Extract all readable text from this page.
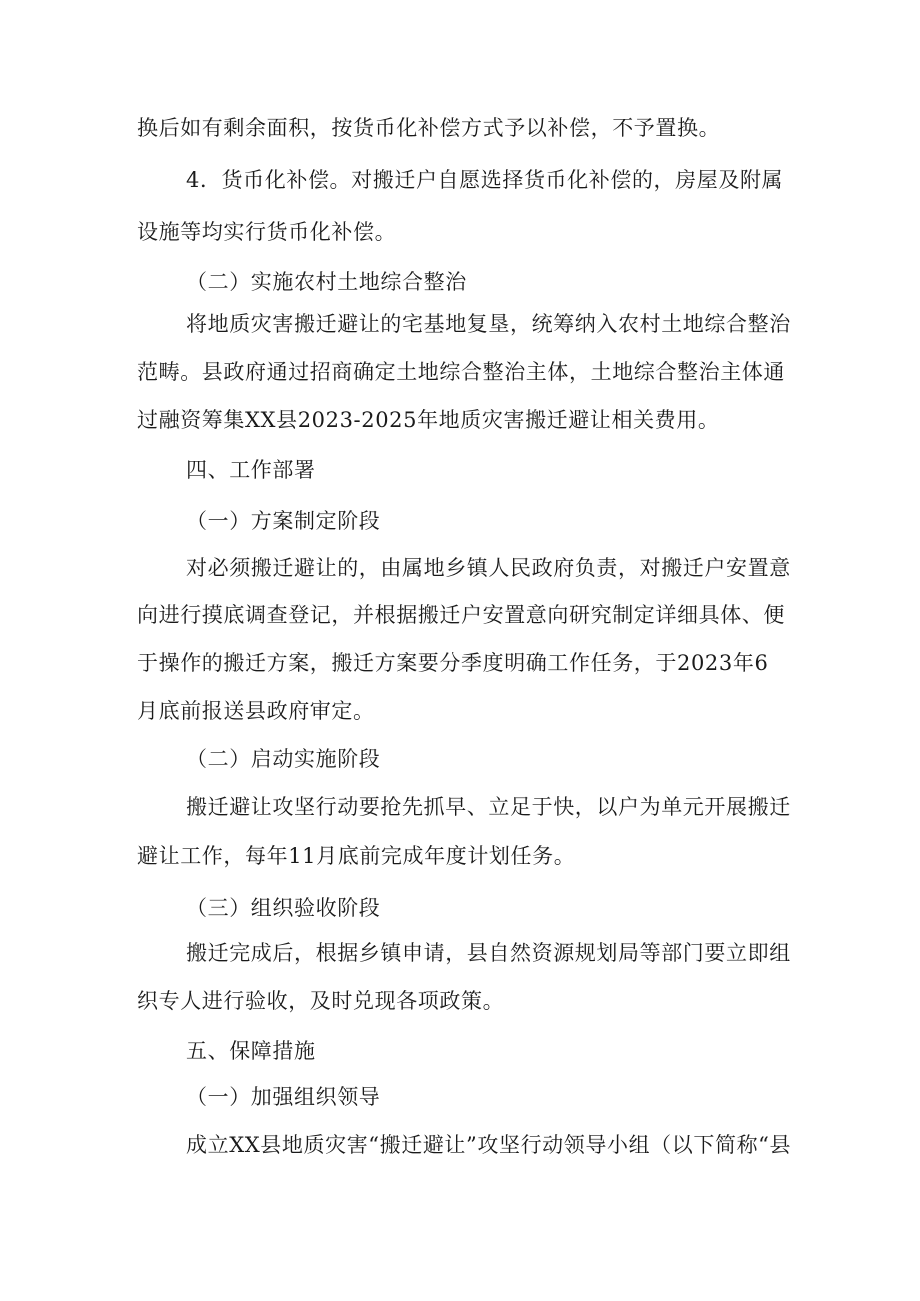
换后如有剩余面积，按货币化补偿方式予以补偿，不予置换。
4．货币化补偿。对搬迁户自愿选择货币化补偿的，房屋及附属
设施等均实行货币化补偿。
（二）实施农村土地综合整治
将地质灾害搬迁避让的宅基地复垦，统筹纳入农村土地综合整治
范畴。县政府通过招商确定土地综合整治主体，土地综合整治主体通
过融资筹集XX县2023-2025年地质灾害搬迁避让相关费用。
四、工作部署
（一）方案制定阶段
对必须搬迁避让的，由属地乡镇人民政府负责，对搬迁户安置意
向进行摸底调查登记，并根据搬迁户安置意向研究制定详细具体、便
于操作的搬迁方案，搬迁方案要分季度明确工作任务，于2023年6
月底前报送县政府审定。
（二）启动实施阶段
搬迁避让攻坚行动要抢先抓早、立足于快，以户为单元开展搬迁
避让工作，每年11月底前完成年度计划任务。
（三）组织验收阶段
搬迁完成后，根据乡镇申请，县自然资源规划局等部门要立即组
织专人进行验收，及时兑现各项政策。
五、保障措施
（一）加强组织领导
成立XX县地质灾害“搬迁避让”攻坚行动领导小组（以下简称“县
